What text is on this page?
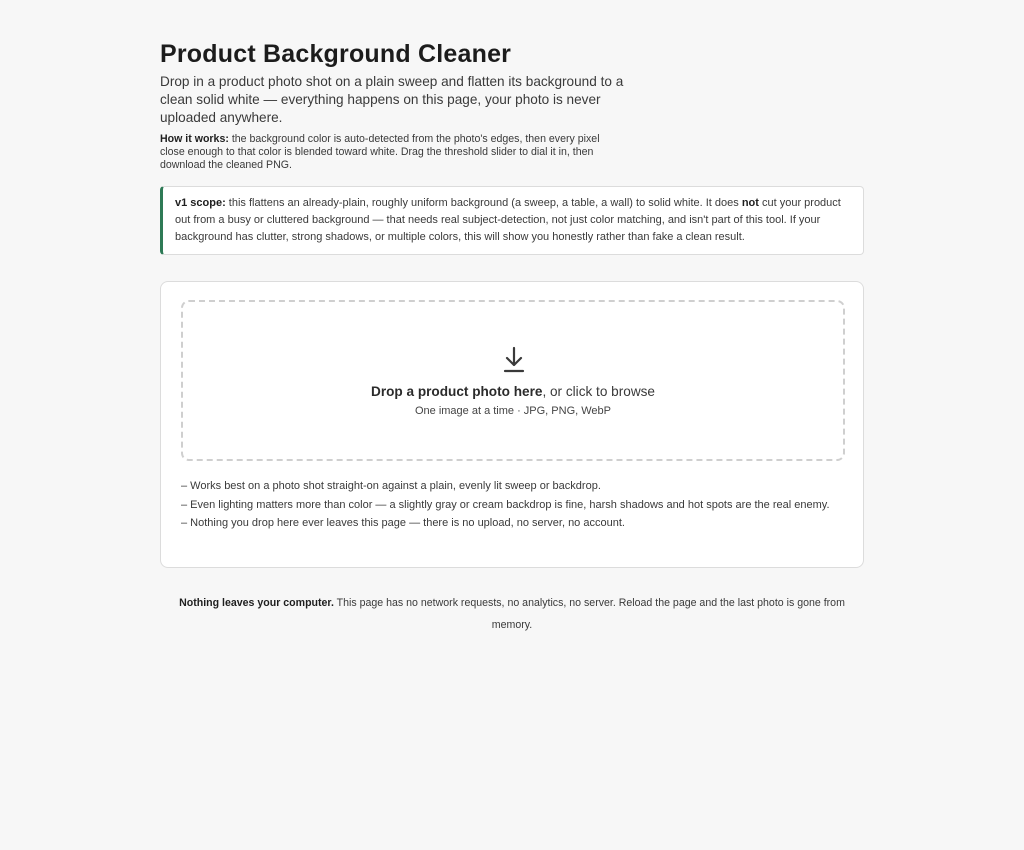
Product Background Cleaner

Drop in a product photo shot on a plain sweep and flatten its background to a clean solid white — everything happens on this page, your photo is never uploaded anywhere.

How it works: the background color is auto-detected from the photo's edges, then every pixel close enough to that color is blended toward white. Drag the threshold slider to dial it in, then download the cleaned PNG.

v1 scope: this flattens an already-plain, roughly uniform background (a sweep, a table, a wall) to solid white. It does not cut your product out from a busy or cluttered background — that needs real subject-detection, not just color matching, and isn't part of this tool. If your background has clutter, strong shadows, or multiple colors, this will show you honestly rather than fake a clean result.
Drop a product photo here, or click to browse
One image at a time · JPG, PNG, WebP
– Works best on a photo shot straight-on against a plain, evenly lit sweep or backdrop.
– Even lighting matters more than color — a slightly gray or cream backdrop is fine, harsh shadows and hot spots are the real enemy.
– Nothing you drop here ever leaves this page — there is no upload, no server, no account.

Nothing leaves your computer. This page has no network requests, no analytics, no server. Reload the page and the last photo is gone from memory.
